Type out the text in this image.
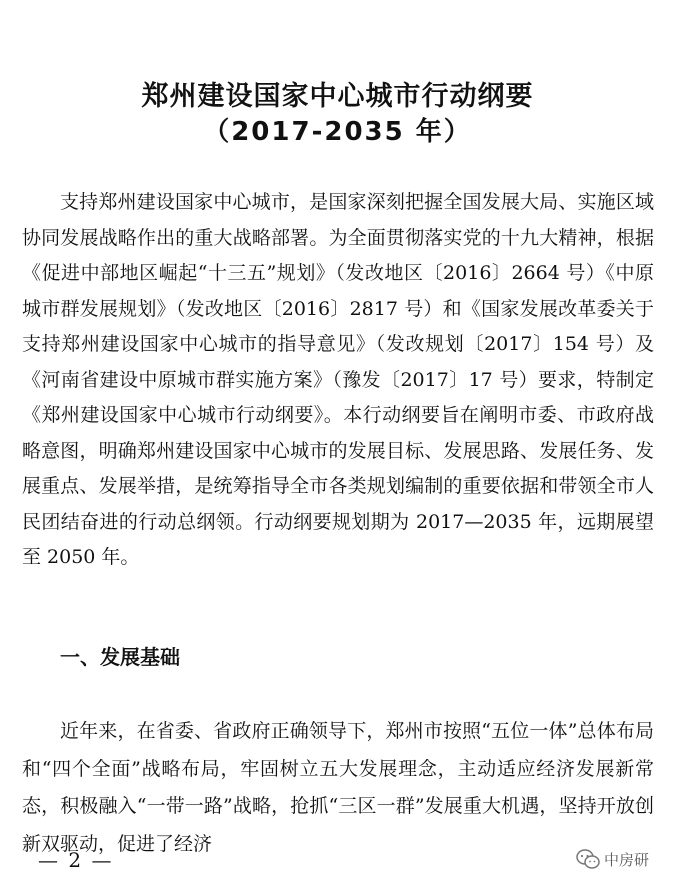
郑州建设国家中心城市行动纲要
（2017-2035 年）

支持郑州建设国家中心城市，是国家深刻把握全国发展大局、实施区域协同发展战略作出的重大战略部署。为全面贯彻落实党的十九大精神，根据《促进中部地区崛起“十三五”规划》（发改地区〔2016〕2664 号）《中原城市群发展规划》（发改地区〔2016〕2817 号）和《国家发展改革委关于支持郑州建设国家中心城市的指导意见》（发改规划〔2017〕154 号）及《河南省建设中原城市群实施方案》（豫发〔2017〕17 号）要求，特制定《郑州建设国家中心城市行动纲要》。本行动纲要旨在阐明市委、市政府战略意图，明确郑州建设国家中心城市的发展目标、发展思路、发展任务、发展重点、发展举措，是统筹指导全市各类规划编制的重要依据和带领全市人民团结奋进的行动总纲领。行动纲要规划期为 2017—2035 年，远期展望至 2050 年。

一、发展基础

近年来，在省委、省政府正确领导下，郑州市按照“五位一体”总体布局和“四个全面”战略布局，牢固树立五大发展理念，主动适应经济发展新常态，积极融入“一带一路”战略，抢抓“三区一群”发展重大机遇，坚持开放创新双驱动，促进了经济

— 2 —	中房研
